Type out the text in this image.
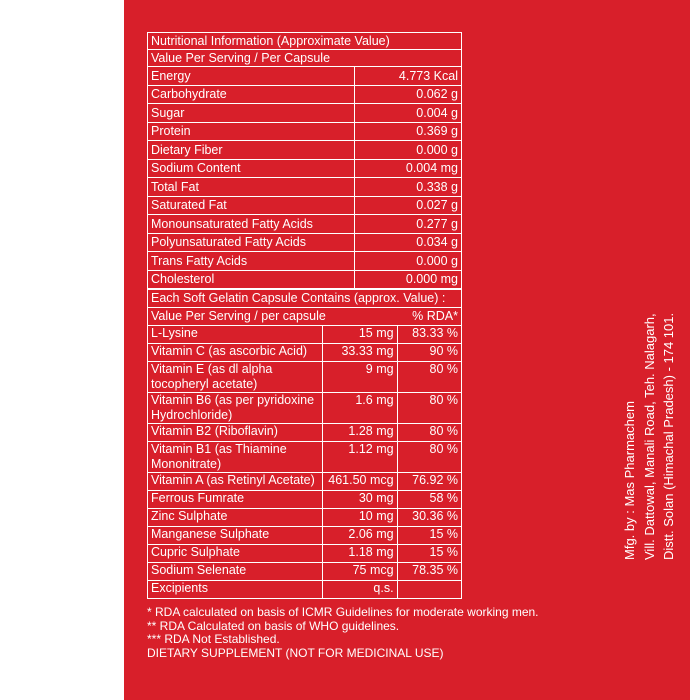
Nutritional Information (Approximate Value)	
Value Per Serving / Per Capsule	
Energy	4.773 Kcal
Carbohydrate	0.062 g
Sugar	0.004 g
Protein	0.369 g
Dietary Fiber	0.000 g
Sodium Content	0.004 mg
Total Fat	0.338 g
Saturated Fat	0.027 g
Monounsaturated Fatty Acids	0.277 g
Polyunsaturated Fatty Acids	0.034 g
Trans Fatty Acids	0.000 g
Cholesterol	0.000 mg
Each Soft Gelatin Capsule Contains (approx. Value) :		

Value Per Serving / per capsule % RDA*		

L-Lysine	15 mg	83.33 %
Vitamin C (as ascorbic Acid)	33.33 mg	90 %
Vitamin E (as dl alpha tocopheryl acetate)	9 mg	80 %
Vitamin B6 (as per pyridoxine Hydrochloride)	1.6 mg	80 %
Vitamin B2 (Riboflavin)	1.28 mg	80 %
Vitamin B1 (as Thiamine Mononitrate)	1.12 mg	80 %
Vitamin A (as Retinyl Acetate)	461.50 mcg	76.92 %
Ferrous Fumrate	30 mg	58 %
Zinc Sulphate	10 mg	30.36 %
Manganese Sulphate	2.06 mg	15 %
Cupric Sulphate	1.18 mg	15 %
Sodium Selenate	75 mcg	78.35 %
Excipients	q.s.	
* RDA calculated on basis of ICMR Guidelines for moderate working men.
** RDA Calculated on basis of WHO guidelines.
*** RDA Not Established.
DIETARY SUPPLEMENT (NOT FOR MEDICINAL USE)
Mfg. by : Mas Pharmachem Vill. Dattowal, Manali Road, Teh. Nalagarh, Distt. Solan (Himachal Pradesh) - 174 101.
